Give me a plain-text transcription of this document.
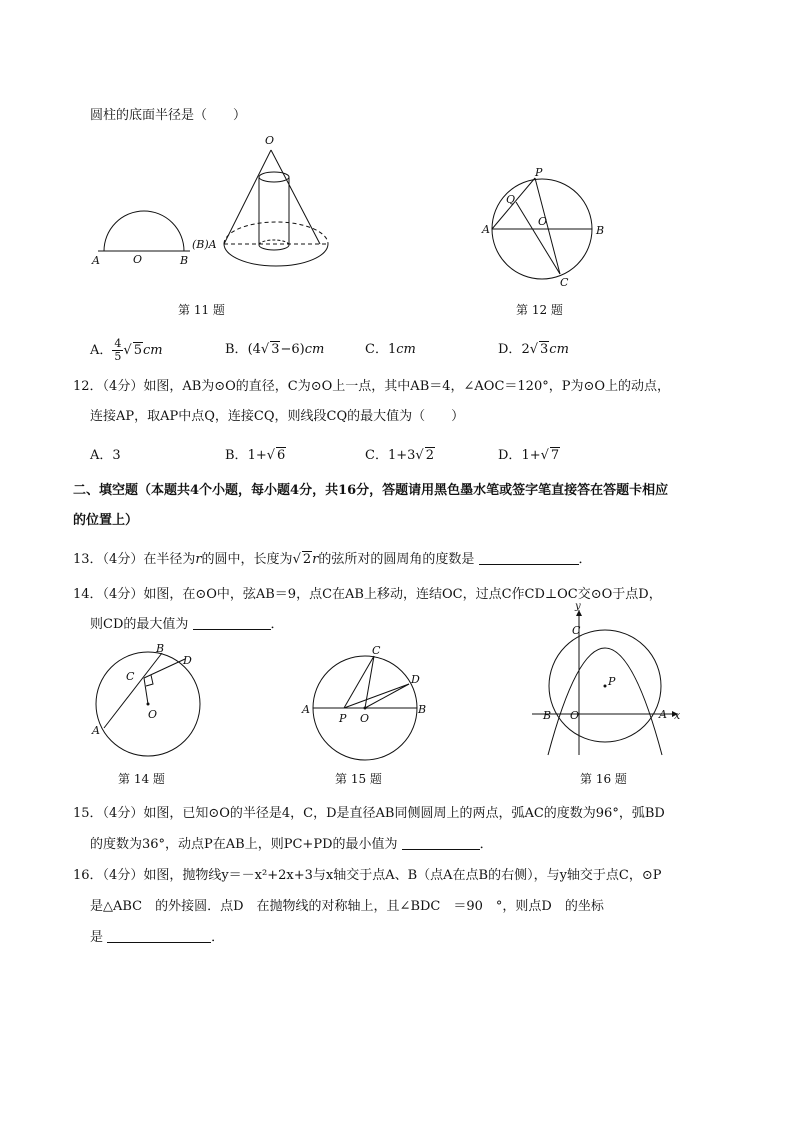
圆柱的底面半径是（　　）
A	O	B
O
(B)A
第 11 题
P
Q
O
A	B
C
第 12 题
A． $\frac{4}{5}$ √ 5cm	B．(4√ 3−6)cm	C．1cm	D．2√ 3cm
12．（4分）如图，AB为⊙O的直径，C为⊙O上一点，其中AB＝4，∠AOC＝120°，P为⊙O上的动点，
连接AP，取AP中点Q，连接CQ，则线段CQ的最大值为（　　）
A．3	B．1+√ 6	C．1+3√ 2	D．1+√ 7
二、填空题（本题共4个小题，每小题4分，共16分，答题请用黑色墨水笔或签字笔直接答在答题卡相应
的位置上）
13．（4分）在半径为r的圆中，长度为√ 2r的弦所对的圆周角的度数是	．
14．（4分）如图，在⊙O中，弦AB＝9，点C在AB上移动，连结OC，过点C作CD⊥OC交⊙O于点D，
则CD的最大值为	．
B
D
C
O
A
第 14 题
C
D
A
P O
B
第 15 题
y
C
P
B O	A x
第 16 题
15．（4分）如图，已知⊙O的半径是4，C，D是直径AB同侧圆周上的两点，弧AC的度数为96°，弧BD
的度数为36°，动点P在AB上，则PC+PD的最小值为	．
16．（4分）如图，抛物线y＝－x²+2x+3与x轴交于点A、B（点A在点B的右侧），与y轴交于点C，⊙P
是△ABC　的外接圆．点D　在抛物线的对称轴上，且∠BDC　＝90　°，则点D　的坐标
是	．
